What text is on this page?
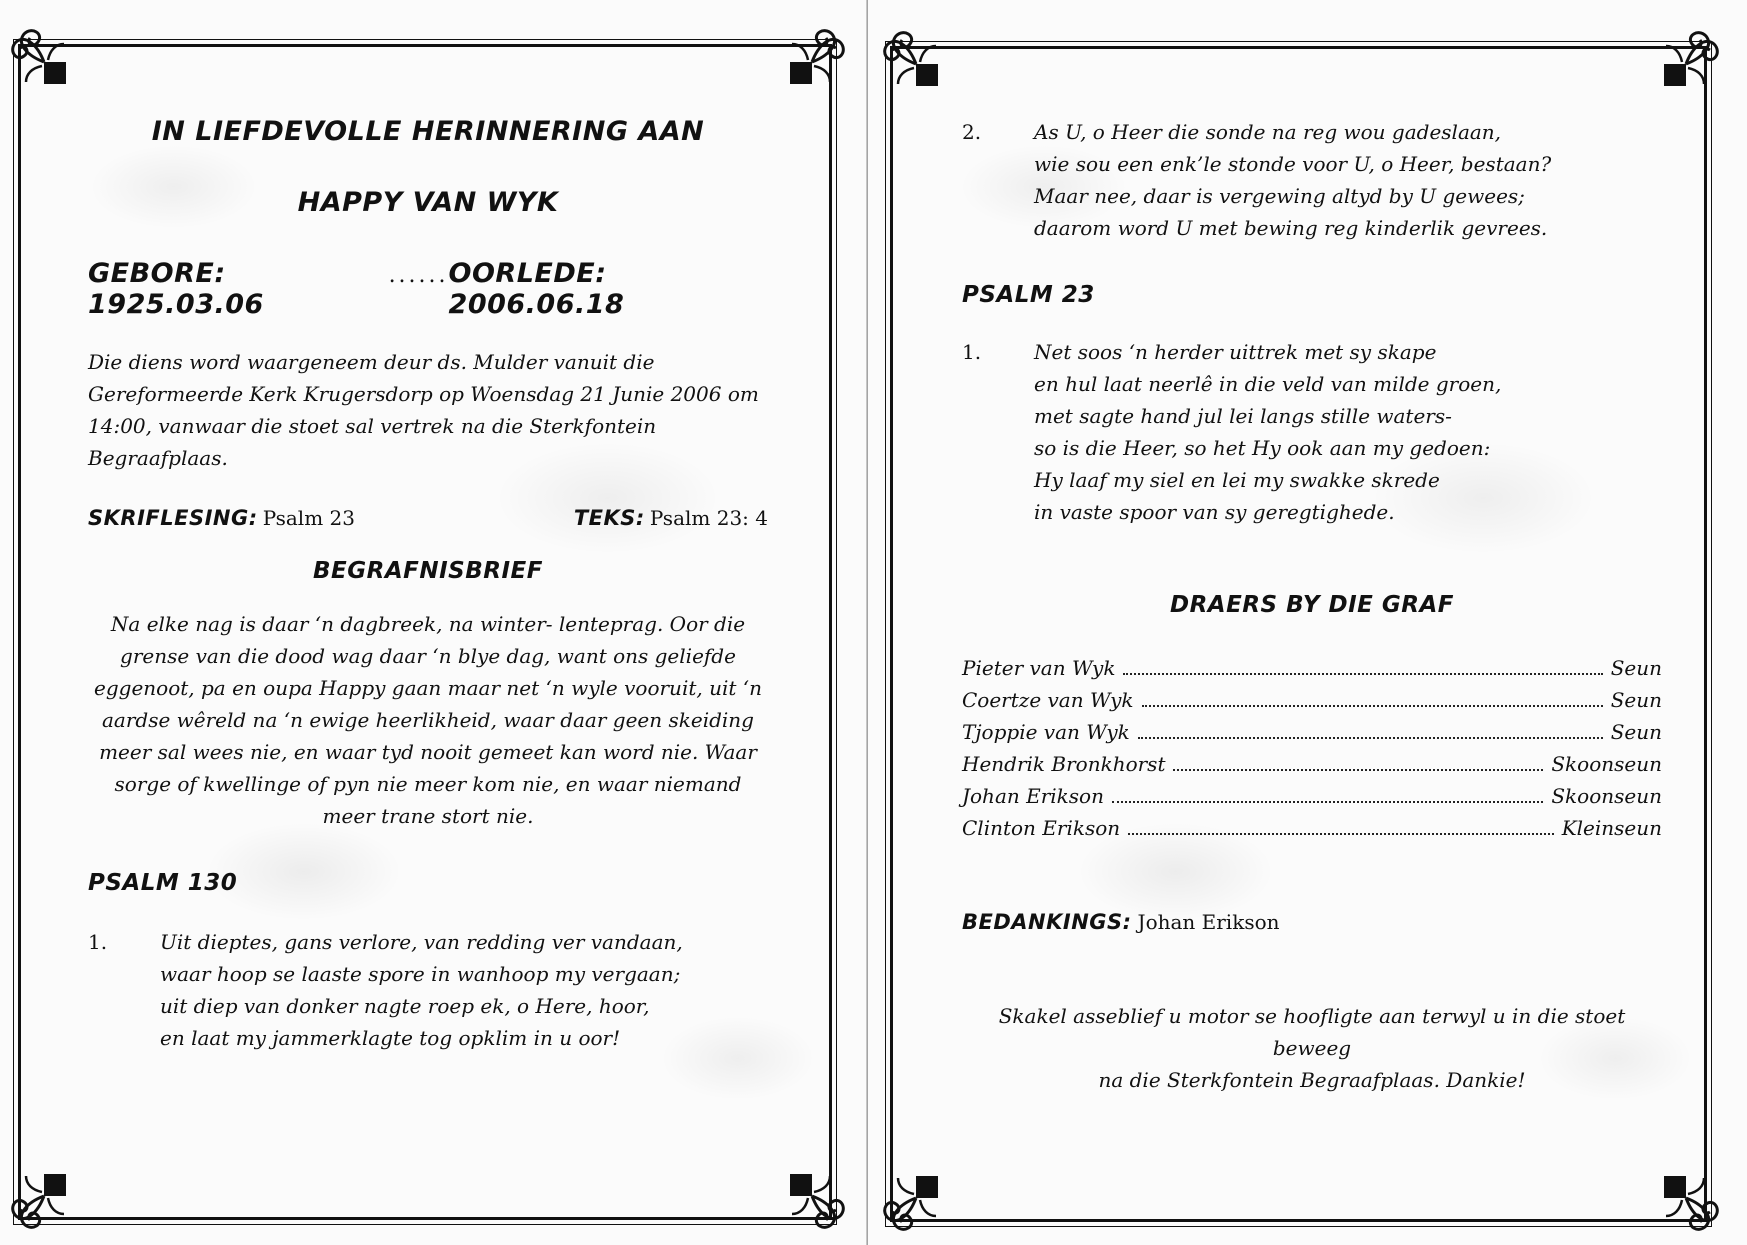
IN LIEFDEVOLLE HERINNERING AAN
HAPPY VAN WYK
GEBORE: 1925.03.06
...... OORLEDE: 2006.06.18
Die diens word waargeneem deur ds. Mulder vanuit die Gereformeerde Kerk Krugersdorp op Woensdag 21 Junie 2006 om 14:00, vanwaar die stoet sal vertrek na die Sterkfontein Begraafplaas.
SKRIFLESING: Psalm 23	TEKS: Psalm 23: 4
BEGRAFNISBRIEF
Na elke nag is daar ‘n dagbreek, na winter- lenteprag. Oor die grense van die dood wag daar ‘n blye dag, want ons geliefde eggenoot, pa en oupa Happy gaan maar net ‘n wyle vooruit, uit ‘n aardse wêreld na ‘n ewige heerlikheid, waar daar geen skeiding meer sal wees nie, en waar tyd nooit gemeet kan word nie. Waar sorge of kwellinge of pyn nie meer kom nie, en waar niemand meer trane stort nie.
PSALM 130
1.	Uit dieptes, gans verlore, van redding ver vandaan,
waar hoop se laaste spore in wanhoop my vergaan;
uit diep van donker nagte roep ek, o Here, hoor,
en laat my jammerklagte tog opklim in u oor!
2.	As U, o Heer die sonde na reg wou gadeslaan,
wie sou een enk’le stonde voor U, o Heer, bestaan?
Maar nee, daar is vergewing altyd by U gewees;
daarom word U met bewing reg kinderlik gevrees.
PSALM 23
1.	Net soos ‘n herder uittrek met sy skape
en hul laat neerlê in die veld van milde groen,
met sagte hand jul lei langs stille waters-
so is die Heer, so het Hy ook aan my gedoen:
Hy laaf my siel en lei my swakke skrede
in vaste spoor van sy geregtighede.
DRAERS BY DIE GRAF
Pieter van Wyk	Seun
Coertze van Wyk	Seun
Tjoppie van Wyk	Seun
Hendrik Bronkhorst	Skoonseun
Johan Erikson	Skoonseun
Clinton Erikson	Kleinseun
BEDANKINGS: Johan Erikson
Skakel asseblief u motor se hoofligte aan terwyl u in die stoet beweeg
na die Sterkfontein Begraafplaas. Dankie!
